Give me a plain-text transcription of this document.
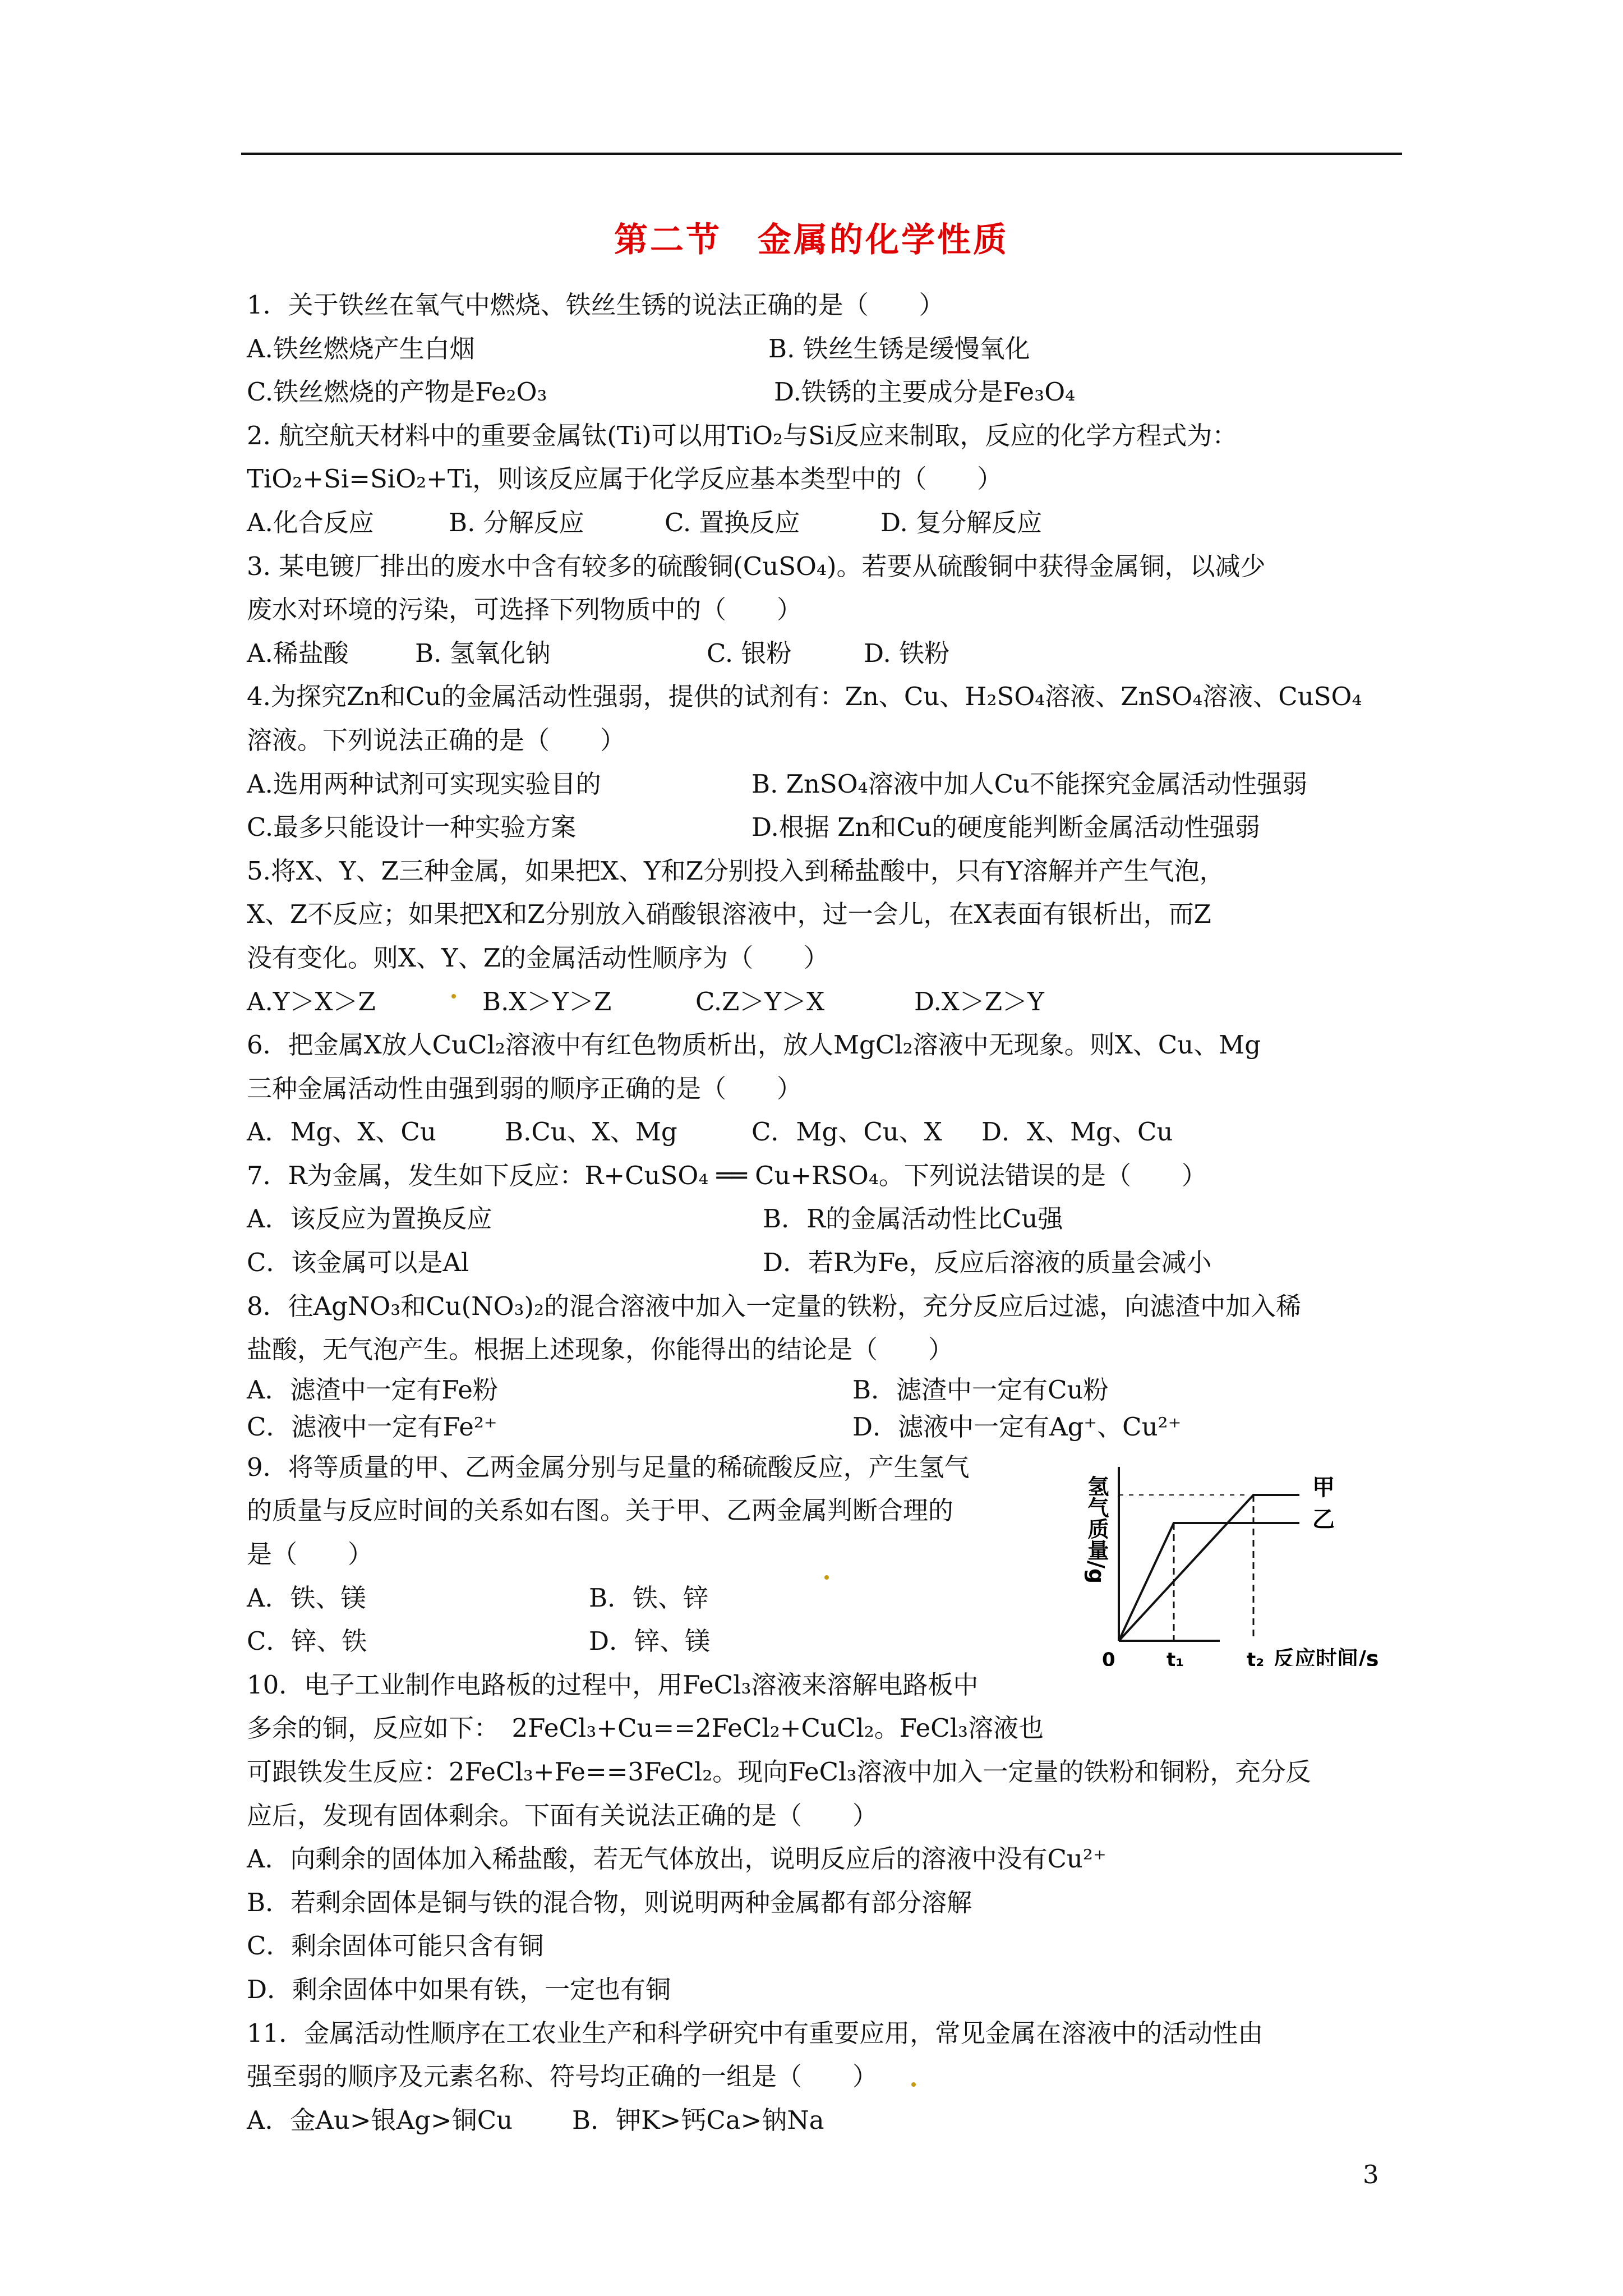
第二节　金属的化学性质
1．关于铁丝在氧气中燃烧、铁丝生锈的说法正确的是（　　）
A.铁丝燃烧产生白烟	B. 铁丝生锈是缓慢氧化
C.铁丝燃烧的产物是Fe₂O₃	D.铁锈的主要成分是Fe₃O₄
2. 航空航天材料中的重要金属钛(Ti)可以用TiO₂与Si反应来制取，反应的化学方程式为：
TiO₂+Si=SiO₂+Ti，则该反应属于化学反应基本类型中的（　　）
A.化合反应	B. 分解反应	C. 置换反应	D. 复分解反应
3. 某电镀厂排出的废水中含有较多的硫酸铜(CuSO₄)。若要从硫酸铜中获得金属铜，以减少
废水对环境的污染，可选择下列物质中的（　　）
A.稀盐酸	B. 氢氧化钠	C. 银粉	D. 铁粉
4.为探究Zn和Cu的金属活动性强弱，提供的试剂有：Zn、Cu、H₂SO₄溶液、ZnSO₄溶液、CuSO₄
溶液。下列说法正确的是（　　）
A.选用两种试剂可实现实验目的	B. ZnSO₄溶液中加人Cu不能探究金属活动性强弱
C.最多只能设计一种实验方案	D.根据 Zn和Cu的硬度能判断金属活动性强弱
5.将X、Y、Z三种金属，如果把X、Y和Z分别投入到稀盐酸中，只有Y溶解并产生气泡，
X、Z不反应；如果把X和Z分别放入硝酸银溶液中，过一会儿，在X表面有银析出，而Z
没有变化。则X、Y、Z的金属活动性顺序为（　　）
A.Y＞X＞Z	B.X＞Y＞Z	C.Z＞Y＞X	D.X＞Z＞Y
6．把金属X放人CuCl₂溶液中有红色物质析出，放人MgCl₂溶液中无现象。则X、Cu、Mg
三种金属活动性由强到弱的顺序正确的是（　　）
A．Mg、X、Cu	B.Cu、X、Mg	C．Mg、Cu、X D．X、Mg、Cu
7．R为金属，发生如下反应：R+CuSO₄ ══ Cu+RSO₄。下列说法错误的是（　　）
A．该反应为置换反应	B．R的金属活动性比Cu强
C．该金属可以是Al	D．若R为Fe，反应后溶液的质量会减小
8．往AgNO₃和Cu(NO₃)₂的混合溶液中加入一定量的铁粉，充分反应后过滤，向滤渣中加入稀
盐酸，无气泡产生。根据上述现象，你能得出的结论是（　　）
A．滤渣中一定有Fe粉	B．滤渣中一定有Cu粉
C．滤液中一定有Fe²⁺	D．滤液中一定有Ag⁺、Cu²⁺
9．将等质量的甲、乙两金属分别与足量的稀硫酸反应，产生氢气
的质量与反应时间的关系如右图。关于甲、乙两金属判断合理的
是（　　）
A．铁、镁	B．铁、锌
C．锌、铁	D．锌、镁
10．电子工业制作电路板的过程中，用FeCl₃溶液来溶解电路板中
多余的铜，反应如下：　2FeCl₃+Cu==2FeCl₂+CuCl₂。FeCl₃溶液也
可跟铁发生反应：2FeCl₃+Fe==3FeCl₂。现向FeCl₃溶液中加入一定量的铁粉和铜粉，充分反
应后，发现有固体剩余。下面有关说法正确的是（　　）
A．向剩余的固体加入稀盐酸，若无气体放出，说明反应后的溶液中没有Cu²⁺
B．若剩余固体是铜与铁的混合物，则说明两种金属都有部分溶解
C．剩余固体可能只含有铜
D．剩余固体中如果有铁，一定也有铜
11．金属活动性顺序在工农业生产和科学研究中有重要应用，常见金属在溶液中的活动性由
强至弱的顺序及元素名称、符号均正确的一组是（　　）
A．金Au>银Ag>铜Cu B．钾K>钙Ca>钠Na
甲
乙
0	t₁	t₂ 反应时间/s
氢气质量/g
3
